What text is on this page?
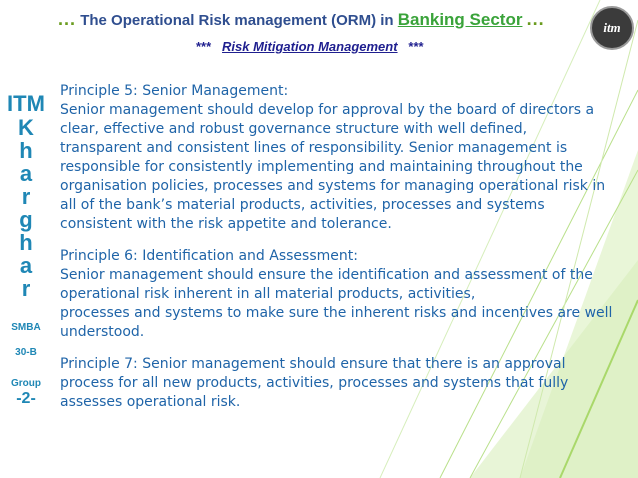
... The Operational Risk management (ORM) in Banking Sector ...
*** Risk Mitigation Management ***
itm
ITM
K
h
a
r
g
h
a
r
SMBA
30-B
Group
-2-

Principle 5: Senior Management:
Senior management should develop for approval by the board of directors a
clear, effective and robust governance structure with well defined,
transparent and consistent lines of responsibility. Senior management is
responsible for consistently implementing and maintaining throughout the
organisation policies, processes and systems for managing operational risk in
all of the bank’s material products, activities, processes and systems
consistent with the risk appetite and tolerance.

Principle 6: Identification and Assessment:
Senior management should ensure the identification and assessment of the
operational risk inherent in all material products, activities,
processes and systems to make sure the inherent risks and incentives are well
understood.

Principle 7: Senior management should ensure that there is an approval
process for all new products, activities, processes and systems that fully
assesses operational risk.
